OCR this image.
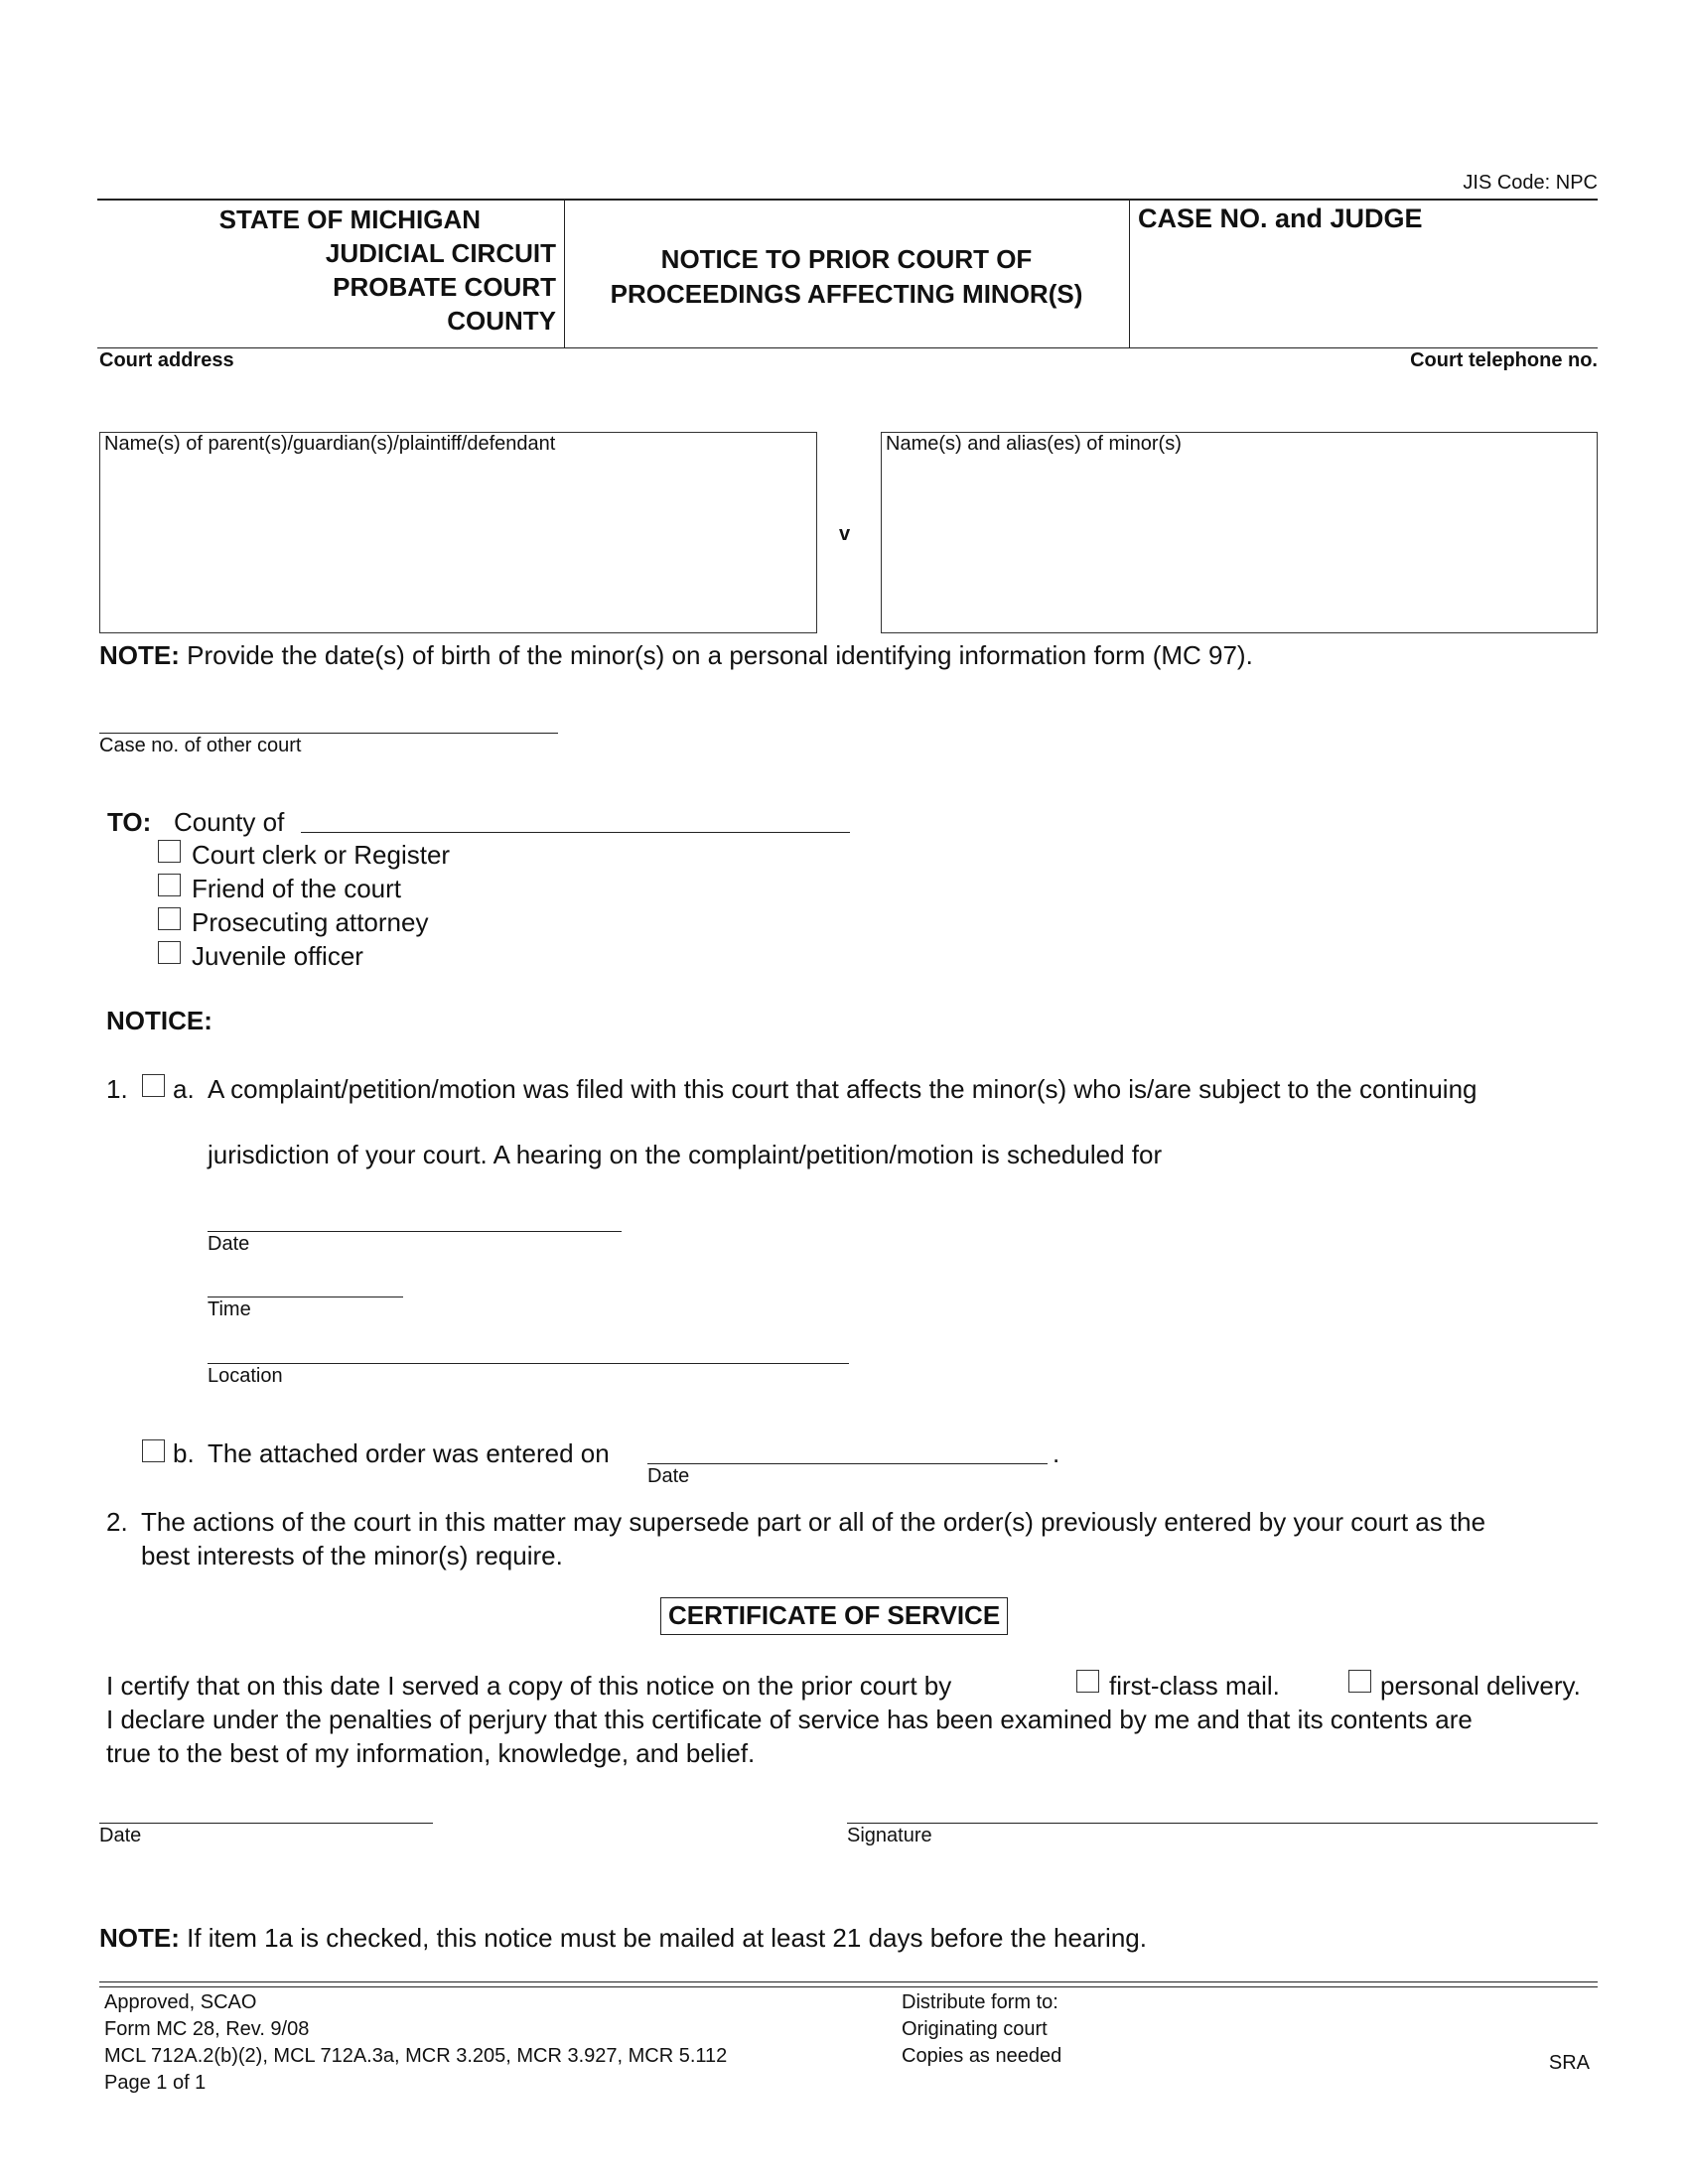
JIS Code: NPC
STATE OF MICHIGAN
JUDICIAL CIRCUIT
PROBATE COURT
COUNTY
NOTICE TO PRIOR COURT OF
PROCEEDINGS AFFECTING MINOR(S)
CASE NO. and JUDGE
Court address	Court telephone no.
Name(s) of parent(s)/guardian(s)/plaintiff/defendant
v
Name(s) and alias(es) of minor(s)
NOTE: Provide the date(s) of birth of the minor(s) on a personal identifying information form (MC 97).
Case no. of other court
TO: County of
Court clerk or Register
Friend of the court
Prosecuting attorney
Juvenile officer
NOTICE:
1. a. A complaint/petition/motion was filed with this court that affects the minor(s) who is/are subject to the continuing
jurisdiction of your court. A hearing on the complaint/petition/motion is scheduled for
Date
Time
Location
b. The attached order was entered on	.
Date
2. The actions of the court in this matter may supersede part or all of the order(s) previously entered by your court as the
best interests of the minor(s) require.
CERTIFICATE OF SERVICE
I certify that on this date I served a copy of this notice on the prior court by	first-class mail.	personal delivery.
I declare under the penalties of perjury that this certificate of service has been examined by me and that its contents are
true to the best of my information, knowledge, and belief.
Date	Signature
NOTE: If item 1a is checked, this notice must be mailed at least 21 days before the hearing.
Approved, SCAO
Form MC 28, Rev. 9/08
MCL 712A.2(b)(2), MCL 712A.3a, MCR 3.205, MCR 3.927, MCR 5.112
Page 1 of 1
Distribute form to:
Originating court
Copies as needed	SRA
